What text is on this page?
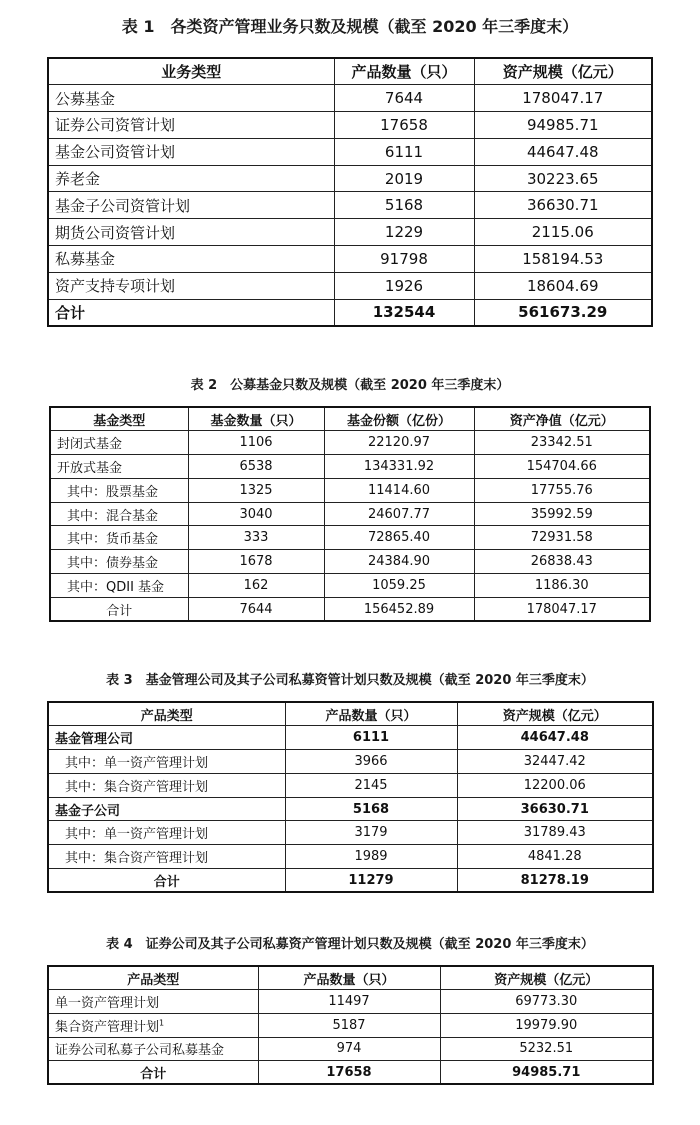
表 1　各类资产管理业务只数及规模（截至 2020 年三季度末）
业务类型	产品数量（只）	资产规模（亿元）
公募基金	7644	178047.17
证券公司资管计划	17658	94985.71
基金公司资管计划	6111	44647.48
养老金	2019	30223.65
基金子公司资管计划	5168	36630.71
期货公司资管计划	1229	2115.06
私募基金	91798	158194.53
资产支持专项计划	1926	18604.69
合计	132544	561673.29
表 2　公募基金只数及规模（截至 2020 年三季度末）
基金类型	基金数量（只）	基金份额（亿份）	资产净值（亿元）
封闭式基金	1106	22120.97	23342.51
开放式基金	6538	134331.92	154704.66
其中：股票基金	1325	11414.60	17755.76
其中：混合基金	3040	24607.77	35992.59
其中：货币基金	333	72865.40	72931.58
其中：债券基金	1678	24384.90	26838.43
其中：QDII 基金	162	1059.25	1186.30
合计	7644	156452.89	178047.17
表 3　基金管理公司及其子公司私募资管计划只数及规模（截至 2020 年三季度末）
产品类型	产品数量（只）	资产规模（亿元）
基金管理公司	6111	44647.48
其中：单一资产管理计划	3966	32447.42
其中：集合资产管理计划	2145	12200.06
基金子公司	5168	36630.71
其中：单一资产管理计划	3179	31789.43
其中：集合资产管理计划	1989	4841.28
合计	11279	81278.19
表 4　证券公司及其子公司私募资产管理计划只数及规模（截至 2020 年三季度末）
产品类型	产品数量（只）	资产规模（亿元）
单一资产管理计划	11497	69773.30
集合资产管理计划$^1$	5187	19979.90
证券公司私募子公司私募基金	974	5232.51
合计	17658	94985.71
